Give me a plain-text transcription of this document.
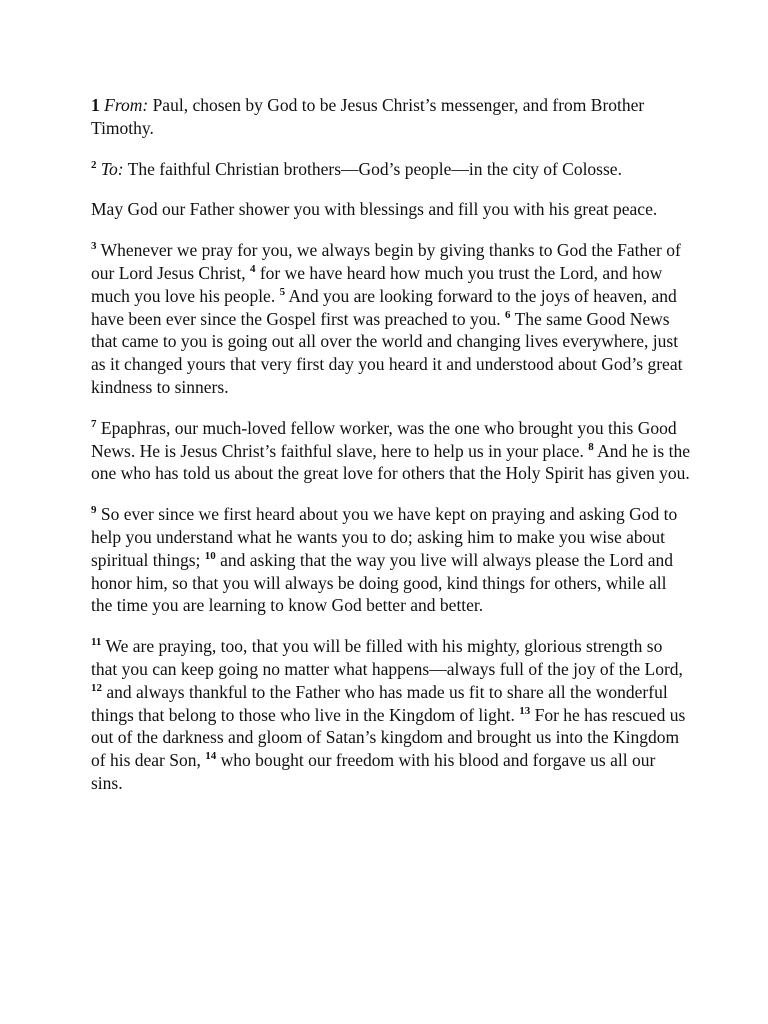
1 From: Paul, chosen by God to be Jesus Christ’s messenger, and from Brother Timothy.

$^2$ To: The faithful Christian brothers—God’s people—in the city of Colosse.

May God our Father shower you with blessings and fill you with his great peace.

$^3$ Whenever we pray for you, we always begin by giving thanks to God the Father of our Lord Jesus Christ, $^4$ for we have heard how much you trust the Lord, and how much you love his people. $^5$ And you are looking forward to the joys of heaven, and have been ever since the Gospel first was preached to you. $^6$ The same Good News that came to you is going out all over the world and changing lives everywhere, just as it changed yours that very first day you heard it and understood about God’s great kindness to sinners.

$^7$ Epaphras, our much-loved fellow worker, was the one who brought you this Good News. He is Jesus Christ’s faithful slave, here to help us in your place. $^8$ And he is the one who has told us about the great love for others that the Holy Spirit has given you.

$^9$ So ever since we first heard about you we have kept on praying and asking God to help you understand what he wants you to do; asking him to make you wise about spiritual things; $^{10}$ and asking that the way you live will always please the Lord and honor him, so that you will always be doing good, kind things for others, while all the time you are learning to know God better and better.

$^{11}$ We are praying, too, that you will be filled with his mighty, glorious strength so that you can keep going no matter what happens—always full of the joy of the Lord, $^{12}$ and always thankful to the Father who has made us fit to share all the wonderful things that belong to those who live in the Kingdom of light. $^{13}$ For he has rescued us out of the darkness and gloom of Satan’s kingdom and brought us into the Kingdom of his dear Son, $^{14}$ who bought our freedom with his blood and forgave us all our sins.
